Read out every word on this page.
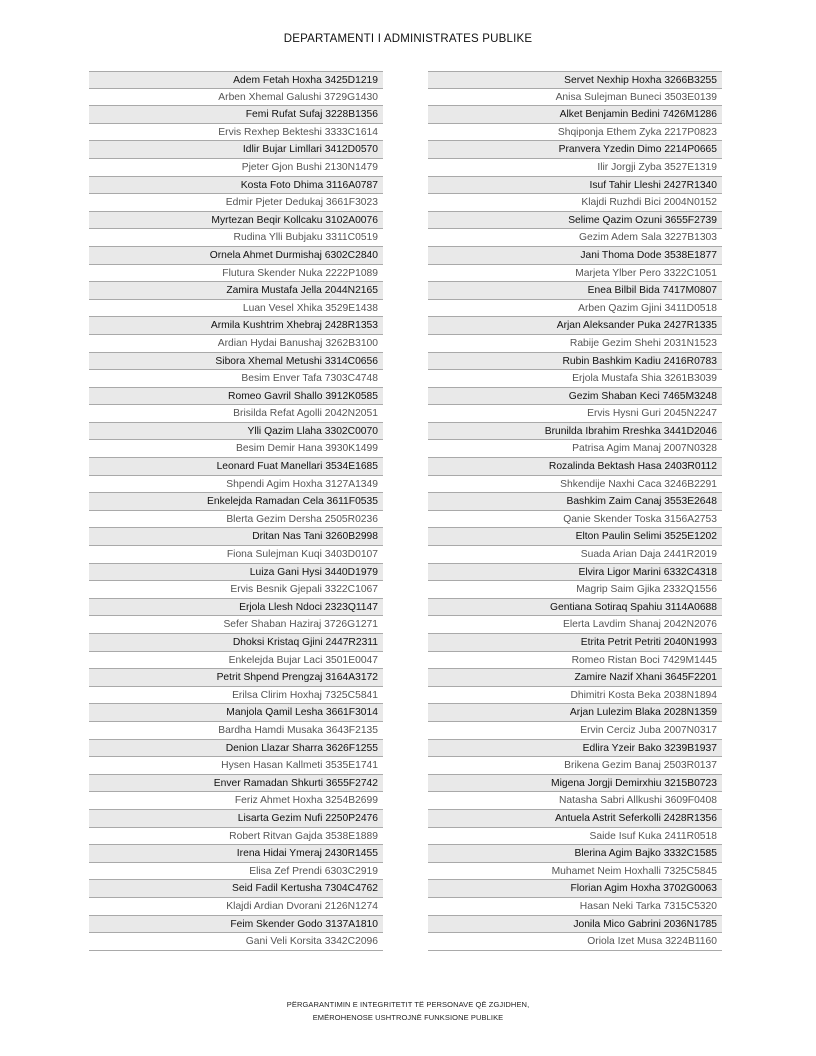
DEPARTAMENTI I ADMINISTRATES PUBLIKE
Adem Fetah Hoxha 3425D1219
Arben Xhemal Galushi 3729G1430
Femi Rufat Sufaj 3228B1356
Ervis Rexhep Bekteshi 3333C1614
Idlir Bujar Limllari 3412D0570
Pjeter Gjon Bushi 2130N1479
Kosta Foto Dhima 3116A0787
Edmir Pjeter Dedukaj 3661F3023
Myrtezan Beqir Kollcaku 3102A0076
Rudina Ylli Bubjaku 3311C0519
Ornela Ahmet Durmishaj 6302C2840
Flutura Skender Nuka 2222P1089
Zamira Mustafa Jella 2044N2165
Luan Vesel Xhika 3529E1438
Armila Kushtrim Xhebraj 2428R1353
Ardian Hydai Banushaj 3262B3100
Sibora Xhemal Metushi 3314C0656
Besim Enver Tafa 7303C4748
Romeo Gavril Shallo 3912K0585
Brisilda Refat Agolli 2042N2051
Ylli Qazim Llaha 3302C0070
Besim Demir Hana 3930K1499
Leonard Fuat Manellari 3534E1685
Shpendi Agim Hoxha 3127A1349
Enkelejda Ramadan Cela 3611F0535
Blerta Gezim Dersha 2505R0236
Dritan Nas Tani 3260B2998
Fiona Sulejman Kuqi 3403D0107
Luiza Gani Hysi 3440D1979
Ervis Besnik Gjepali 3322C1067
Erjola Llesh Ndoci 2323Q1147
Sefer Shaban Haziraj 3726G1271
Dhoksi Kristaq Gjini 2447R2311
Enkelejda Bujar Laci 3501E0047
Petrit Shpend Prengzaj 3164A3172
Erilsa Clirim Hoxhaj 7325C5841
Manjola Qamil Lesha 3661F3014
Bardha Hamdi Musaka 3643F2135
Denion Llazar Sharra 3626F1255
Hysen Hasan Kallmeti 3535E1741
Enver Ramadan Shkurti 3655F2742
Feriz Ahmet Hoxha 3254B2699
Lisarta Gezim Nufi 2250P2476
Robert Ritvan Gajda 3538E1889
Irena Hidai Ymeraj 2430R1455
Elisa Zef Prendi 6303C2919
Seid Fadil Kertusha 7304C4762
Klajdi Ardian Dvorani 2126N1274
Feim Skender Godo 3137A1810
Gani Veli Korsita 3342C2096
Servet Nexhip Hoxha 3266B3255
Anisa Sulejman Buneci 3503E0139
Alket Benjamin Bedini 7426M1286
Shqiponja Ethem Zyka 2217P0823
Pranvera Yzedin Dimo 2214P0665
Ilir Jorgji Zyba 3527E1319
Isuf Tahir Lleshi 2427R1340
Klajdi Ruzhdi Bici 2004N0152
Selime Qazim Ozuni 3655F2739
Gezim Adem Sala 3227B1303
Jani Thoma Dode 3538E1877
Marjeta Ylber Pero 3322C1051
Enea Bilbil Bida 7417M0807
Arben Qazim Gjini 3411D0518
Arjan Aleksander Puka 2427R1335
Rabije Gezim Shehi 2031N1523
Rubin Bashkim Kadiu 2416R0783
Erjola Mustafa Shia 3261B3039
Gezim Shaban Keci 7465M3248
Ervis Hysni Guri 2045N2247
Brunilda Ibrahim Rreshka 3441D2046
Patrisa Agim Manaj 2007N0328
Rozalinda Bektash Hasa 2403R0112
Shkendije Naxhi Caca 3246B2291
Bashkim Zaim Canaj 3553E2648
Qanie Skender Toska 3156A2753
Elton Paulin Selimi 3525E1202
Suada Arian Daja 2441R2019
Elvira Ligor Marini 6332C4318
Magrip Saim Gjika 2332Q1556
Gentiana Sotiraq Spahiu 3114A0688
Elerta Lavdim Shanaj 2042N2076
Etrita Petrit Petriti 2040N1993
Romeo Ristan Boci 7429M1445
Zamire Nazif Xhani 3645F2201
Dhimitri Kosta Beka 2038N1894
Arjan Lulezim Blaka 2028N1359
Ervin Cerciz Juba 2007N0317
Edlira Yzeir Bako 3239B1937
Brikena Gezim Banaj 2503R0137
Migena Jorgji Demirxhiu 3215B0723
Natasha Sabri Allkushi 3609F0408
Antuela Astrit Seferkolli 2428R1356
Saide Isuf Kuka 2411R0518
Blerina Agim Bajko 3332C1585
Muhamet Neim Hoxhalli 7325C5845
Florian Agim Hoxha 3702G0063
Hasan Neki Tarka 7315C5320
Jonila Mico Gabrini 2036N1785
Oriola Izet Musa 3224B1160
PËRGARANTIMIN E INTEGRITETIT TË PERSONAVE QË ZGJIDHEN,
EMËROHENOSE USHTROJNË FUNKSIONE PUBLIKE
